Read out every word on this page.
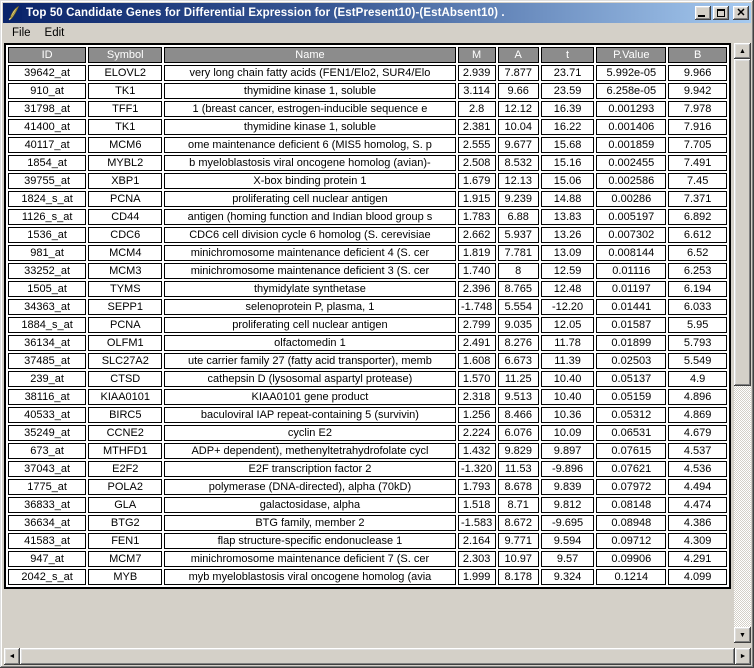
Top 50 Candidate Genes for Differential Expression for (EstPresent10)-(EstAbsent10) .	✕
File	Edit
ID	Symbol	Name	M	A	t	P.Value	B
39642_at	ELOVL2	very long chain fatty acids (FEN1/Elo2, SUR4/Elo	2.939	7.877	23.71	5.992e-05	9.966
910_at	TK1	thymidine kinase 1, soluble	3.114	9.66	23.59	6.258e-05	9.942
31798_at	TFF1	1 (breast cancer, estrogen-inducible sequence e	2.8	12.12	16.39	0.001293	7.978
41400_at	TK1	thymidine kinase 1, soluble	2.381	10.04	16.22	0.001406	7.916
40117_at	MCM6	ome maintenance deficient 6 (MIS5 homolog, S. p	2.555	9.677	15.68	0.001859	7.705
1854_at	MYBL2	b myeloblastosis viral oncogene homolog (avian)-	2.508	8.532	15.16	0.002455	7.491
39755_at	XBP1	X-box binding protein 1	1.679	12.13	15.06	0.002586	7.45
1824_s_at	PCNA	proliferating cell nuclear antigen	1.915	9.239	14.88	0.00286	7.371
1126_s_at	CD44	antigen (homing function and Indian blood group s	1.783	6.88	13.83	0.005197	6.892
1536_at	CDC6	CDC6 cell division cycle 6 homolog (S. cerevisiae	2.662	5.937	13.26	0.007302	6.612
981_at	MCM4	minichromosome maintenance deficient 4 (S. cer	1.819	7.781	13.09	0.008144	6.52
33252_at	MCM3	minichromosome maintenance deficient 3 (S. cer	1.740	8	12.59	0.01116	6.253
1505_at	TYMS	thymidylate synthetase	2.396	8.765	12.48	0.01197	6.194
34363_at	SEPP1	selenoprotein P, plasma, 1	-1.748	5.554	-12.20	0.01441	6.033
1884_s_at	PCNA	proliferating cell nuclear antigen	2.799	9.035	12.05	0.01587	5.95
36134_at	OLFM1	olfactomedin 1	2.491	8.276	11.78	0.01899	5.793
37485_at	SLC27A2	ute carrier family 27 (fatty acid transporter), memb	1.608	6.673	11.39	0.02503	5.549
239_at	CTSD	cathepsin D (lysosomal aspartyl protease)	1.570	11.25	10.40	0.05137	4.9
38116_at	KIAA0101	KIAA0101 gene product	2.318	9.513	10.40	0.05159	4.896
40533_at	BIRC5	baculoviral IAP repeat-containing 5 (survivin)	1.256	8.466	10.36	0.05312	4.869
35249_at	CCNE2	cyclin E2	2.224	6.076	10.09	0.06531	4.679
673_at	MTHFD1	ADP+ dependent), methenyltetrahydrofolate cycl	1.432	9.829	9.897	0.07615	4.537
37043_at	E2F2	E2F transcription factor 2	-1.320	11.53	-9.896	0.07621	4.536
1775_at	POLA2	polymerase (DNA-directed), alpha (70kD)	1.793	8.678	9.839	0.07972	4.494
36833_at	GLA	galactosidase, alpha	1.518	8.71	9.812	0.08148	4.474
36634_at	BTG2	BTG family, member 2	-1.583	8.672	-9.695	0.08948	4.386
41583_at	FEN1	flap structure-specific endonuclease 1	2.164	9.771	9.594	0.09712	4.309
947_at	MCM7	minichromosome maintenance deficient 7 (S. cer	2.303	10.97	9.57	0.09906	4.291
2042_s_at	MYB	myb myeloblastosis viral oncogene homolog (avia	1.999	8.178	9.324	0.1214	4.099
▲
▼
◄	►
